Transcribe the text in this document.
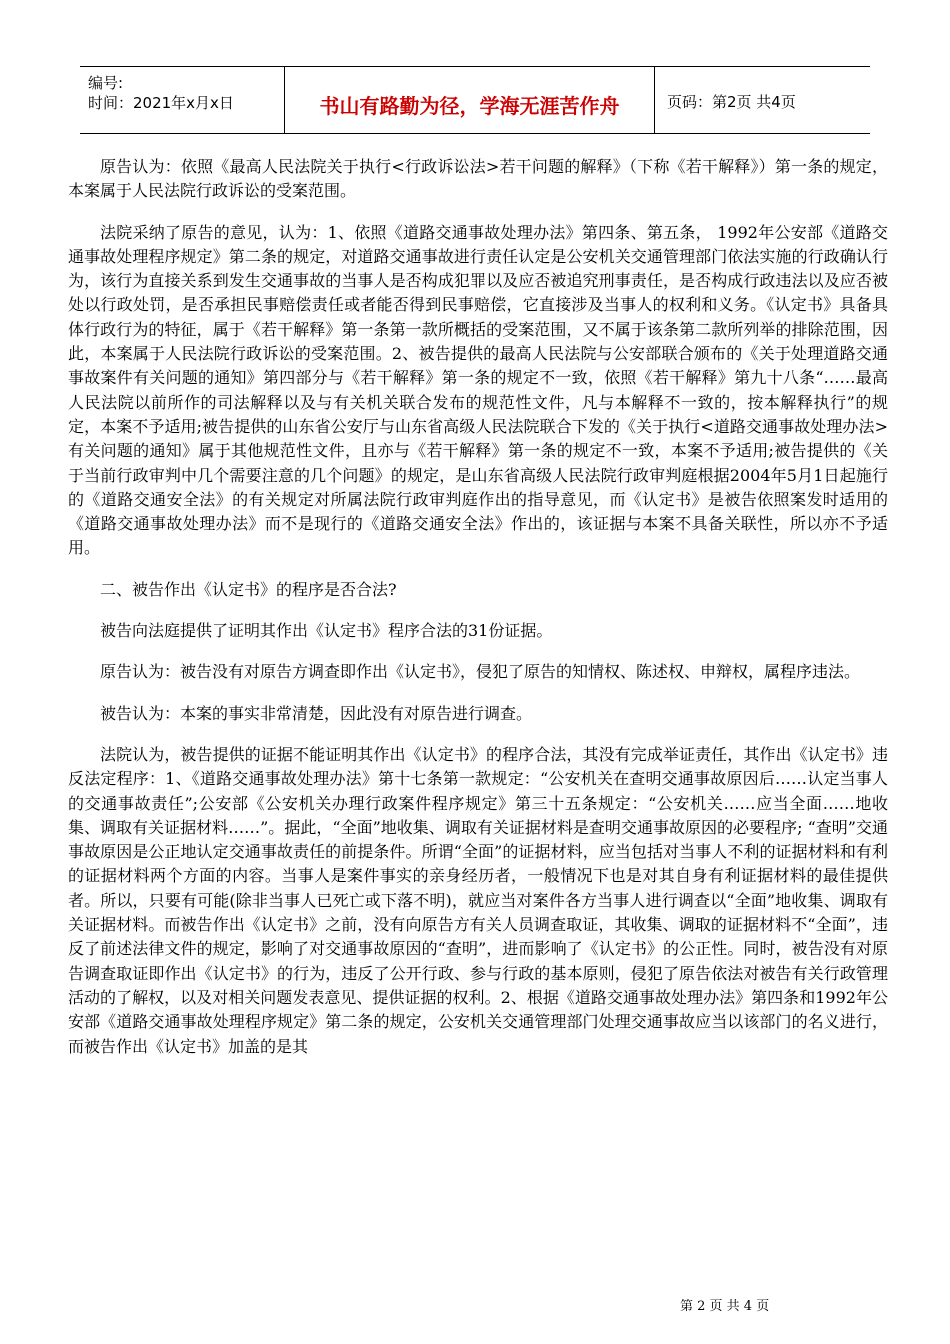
编号:
时间：2021年x月x日	书山有路勤为径，学海无涯苦作舟	页码：第2页 共4页

原告认为：依照《最高人民法院关于执行<行政诉讼法>若干问题的解释》（下称《若干解释》）第一条的规定，本案属于人民法院行政诉讼的受案范围。

法院采纳了原告的意见，认为：1、依照《道路交通事故处理办法》第四条、第五条， 1992年公安部《道路交通事故处理程序规定》第二条的规定，对道路交通事故进行责任认定是公安机关交通管理部门依法实施的行政确认行为，该行为直接关系到发生交通事故的当事人是否构成犯罪以及应否被追究刑事责任，是否构成行政违法以及应否被处以行政处罚，是否承担民事赔偿责任或者能否得到民事赔偿，它直接涉及当事人的权利和义务。《认定书》具备具体行政行为的特征，属于《若干解释》第一条第一款所概括的受案范围，又不属于该条第二款所列举的排除范围，因此，本案属于人民法院行政诉讼的受案范围。2、被告提供的最高人民法院与公安部联合颁布的《关于处理道路交通事故案件有关问题的通知》第四部分与《若干解释》第一条的规定不一致，依照《若干解释》第九十八条“……最高人民法院以前所作的司法解释以及与有关机关联合发布的规范性文件，凡与本解释不一致的，按本解释执行”的规定，本案不予适用;被告提供的山东省公安厅与山东省高级人民法院联合下发的《关于执行<道路交通事故处理办法>有关问题的通知》属于其他规范性文件，且亦与《若干解释》第一条的规定不一致，本案不予适用;被告提供的《关于当前行政审判中几个需要注意的几个问题》的规定，是山东省高级人民法院行政审判庭根据2004年5月1日起施行的《道路交通安全法》的有关规定对所属法院行政审判庭作出的指导意见，而《认定书》是被告依照案发时适用的《道路交通事故处理办法》而不是现行的《道路交通安全法》作出的，该证据与本案不具备关联性，所以亦不予适用。

二、被告作出《认定书》的程序是否合法?

被告向法庭提供了证明其作出《认定书》程序合法的31份证据。

原告认为：被告没有对原告方调查即作出《认定书》，侵犯了原告的知情权、陈述权、申辩权，属程序违法。

被告认为：本案的事实非常清楚，因此没有对原告进行调查。

法院认为，被告提供的证据不能证明其作出《认定书》的程序合法，其没有完成举证责任，其作出《认定书》违反法定程序：1、《道路交通事故处理办法》第十七条第一款规定：“公安机关在查明交通事故原因后……认定当事人的交通事故责任”;公安部《公安机关办理行政案件程序规定》第三十五条规定：“公安机关……应当全面……地收集、调取有关证据材料……”。据此，“全面”地收集、调取有关证据材料是查明交通事故原因的必要程序; “查明”交通事故原因是公正地认定交通事故责任的前提条件。所谓“全面”的证据材料，应当包括对当事人不利的证据材料和有利的证据材料两个方面的内容。当事人是案件事实的亲身经历者，一般情况下也是对其自身有利证据材料的最佳提供者。所以，只要有可能(除非当事人已死亡或下落不明)，就应当对案件各方当事人进行调查以“全面”地收集、调取有关证据材料。而被告作出《认定书》之前，没有向原告方有关人员调查取证，其收集、调取的证据材料不“全面”，违反了前述法律文件的规定，影响了对交通事故原因的“查明”，进而影响了《认定书》的公正性。同时，被告没有对原告调查取证即作出《认定书》的行为，违反了公开行政、参与行政的基本原则，侵犯了原告依法对被告有关行政管理活动的了解权，以及对相关问题发表意见、提供证据的权利。2、根据《道路交通事故处理办法》第四条和1992年公安部《道路交通事故处理程序规定》第二条的规定，公安机关交通管理部门处理交通事故应当以该部门的名义进行，而被告作出《认定书》加盖的是其

第 2 页 共 4 页
